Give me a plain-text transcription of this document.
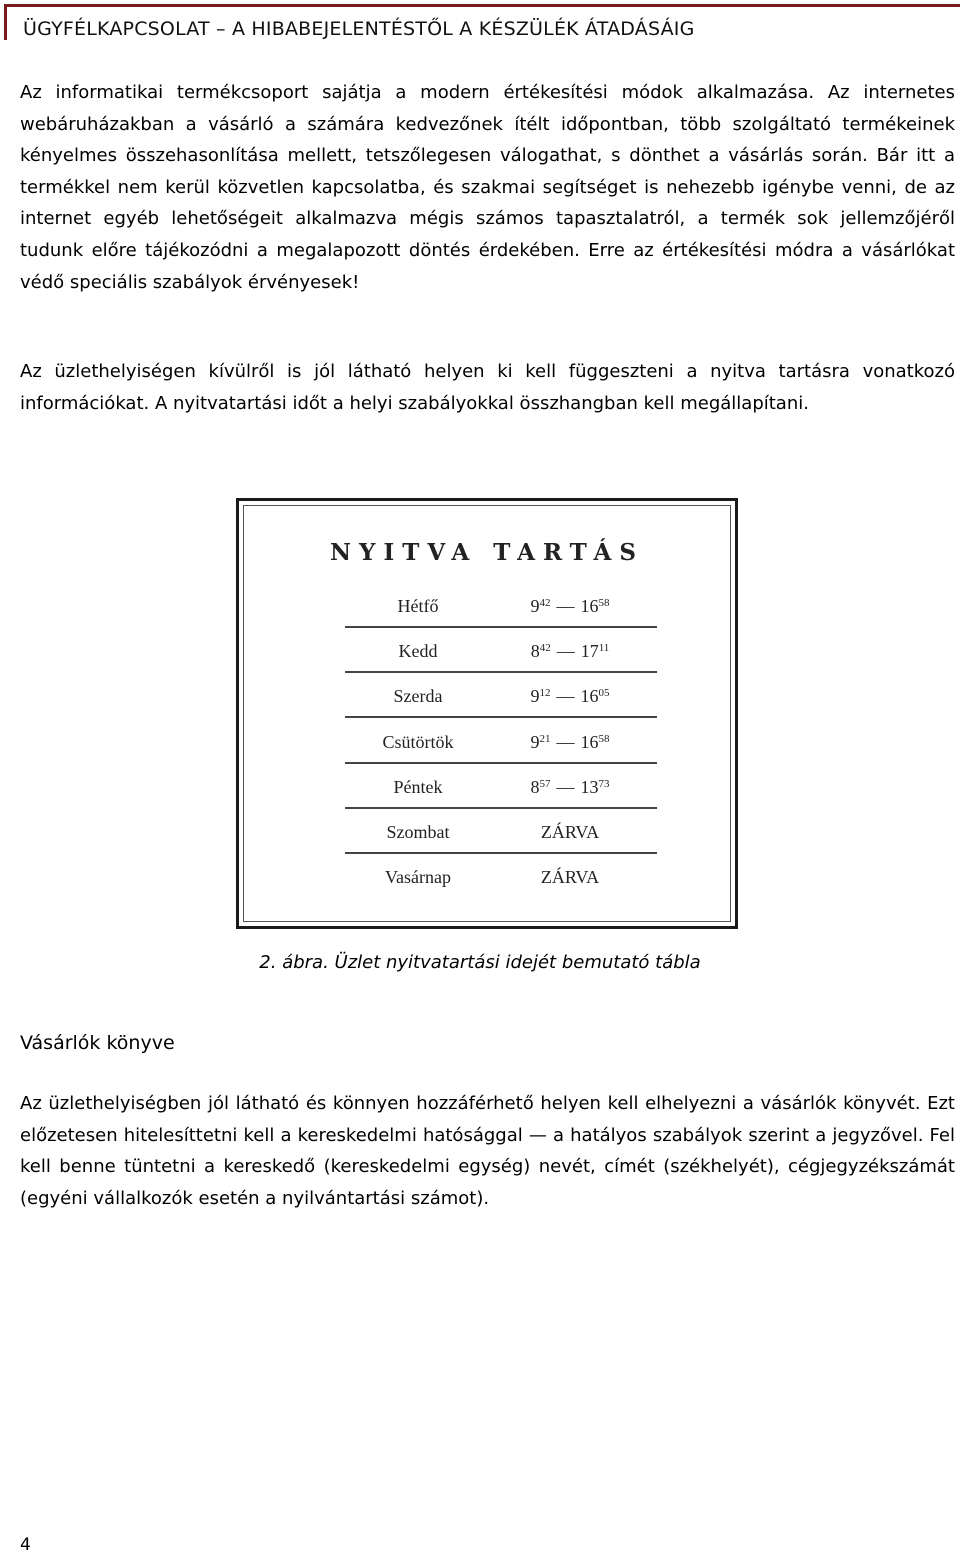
ÜGYFÉLKAPCSOLAT – A HIBABEJELENTÉSTŐL A KÉSZÜLÉK ÁTADÁSÁIG

Az informatikai termékcsoport sajátja a modern értékesítési módok alkalmazása. Az internetes webáruházakban a vásárló a számára kedvezőnek ítélt időpontban, több szolgáltató termékeinek kényelmes összehasonlítása mellett, tetszőlegesen válogathat, s dönthet a vásárlás során. Bár itt a termékkel nem kerül közvetlen kapcsolatba, és szakmai segítséget is nehezebb igénybe venni, de az internet egyéb lehetőségeit alkalmazva mégis számos tapasztalatról, a termék sok jellemzőjéről tudunk előre tájékozódni a megalapozott döntés érdekében. Erre az értékesítési módra a vásárlókat védő speciális szabályok érvényesek!

Az üzlethelyiségen kívülről is jól látható helyen ki kell függeszteni a nyitva tartásra vonatkozó információkat. A nyitvatartási időt a helyi szabályokkal összhangban kell megállapítani.

NYITVA TARTÁS
Hétfő	$9^{42}$ — $16^{58}$
Kedd	$8^{42}$ — $17^{11}$
Szerda	$9^{12}$ — $16^{05}$
Csütörtök	$9^{21}$ — $16^{58}$
Péntek	$8^{57}$ — $13^{73}$
Szombat	ZÁRVA
Vasárnap	ZÁRVA
2. ábra. Üzlet nyitvatartási idejét bemutató tábla
Vásárlók könyve

Az üzlethelyiségben jól látható és könnyen hozzáférhető helyen kell elhelyezni a vásárlók könyvét. Ezt előzetesen hitelesíttetni kell a kereskedelmi hatósággal — a hatályos szabályok szerint a jegyzővel. Fel kell benne tüntetni a kereskedő (kereskedelmi egység) nevét, címét (székhelyét), cégjegyzékszámát (egyéni vállalkozók esetén a nyilvántartási számot).

4
